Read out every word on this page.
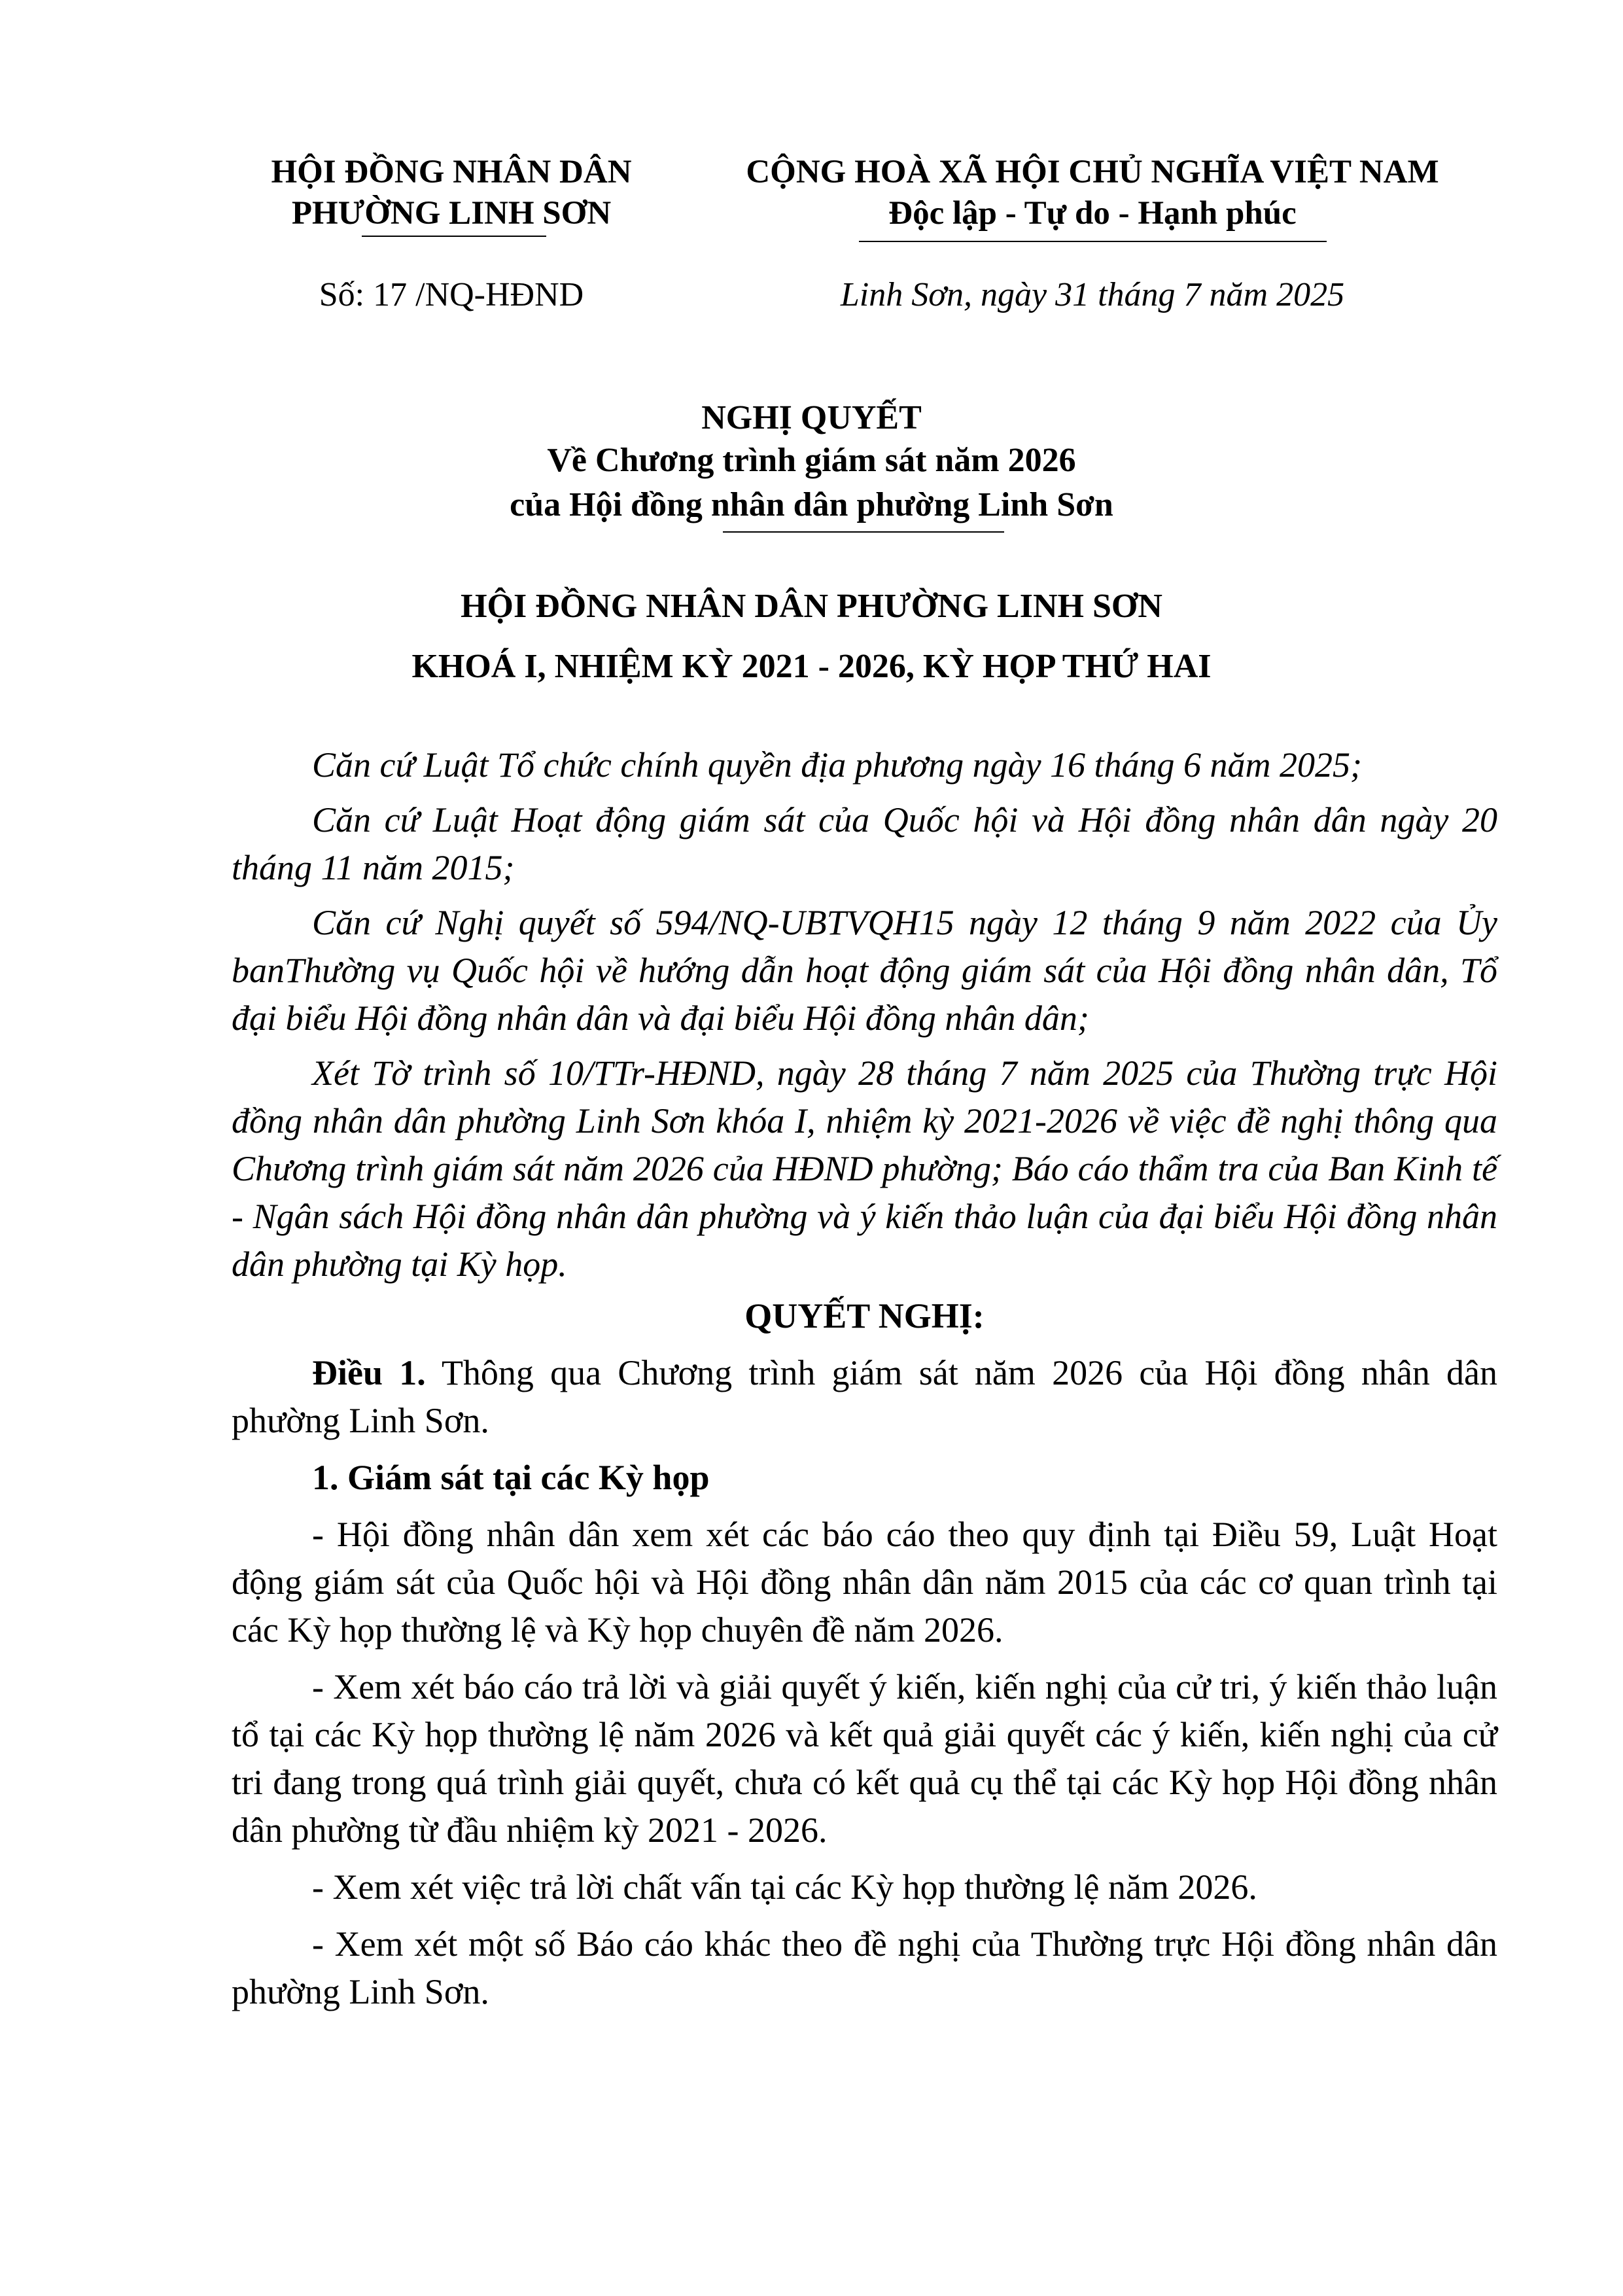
HỘI ĐỒNG NHÂN DÂN
PHƯỜNG LINH SƠN
CỘNG HOÀ XÃ HỘI CHỦ NGHĨA VIỆT NAM
Độc lập - Tự do - Hạnh phúc
Số: 17 /NQ-HĐND	Linh Sơn, ngày 31 tháng 7 năm 2025
NGHỊ QUYẾT
Về Chương trình giám sát năm 2026
của Hội đồng nhân dân phường Linh Sơn
HỘI ĐỒNG NHÂN DÂN PHƯỜNG LINH SƠN
KHOÁ I, NHIỆM KỲ 2021 - 2026, KỲ HỌP THỨ HAI

Căn cứ Luật Tổ chức chính quyền địa phương ngày 16 tháng 6 năm 2025;

Căn cứ Luật Hoạt động giám sát của Quốc hội và Hội đồng nhân dân ngày 20 tháng 11 năm 2015;

Căn cứ Nghị quyết số 594/NQ-UBTVQH15 ngày 12 tháng 9 năm 2022 của Ủy banThường vụ Quốc hội về hướng dẫn hoạt động giám sát của Hội đồng nhân dân, Tổ đại biểu Hội đồng nhân dân và đại biểu Hội đồng nhân dân;

Xét Tờ trình số 10/TTr-HĐND, ngày 28 tháng 7 năm 2025 của Thường trực Hội đồng nhân dân phường Linh Sơn khóa I, nhiệm kỳ 2021-2026 về việc đề nghị thông qua Chương trình giám sát năm 2026 của HĐND phường; Báo cáo thẩm tra của Ban Kinh tế - Ngân sách Hội đồng nhân dân phường và ý kiến thảo luận của đại biểu Hội đồng nhân dân phường tại Kỳ họp.

QUYẾT NGHỊ:

Điều 1. Thông qua Chương trình giám sát năm 2026 của Hội đồng nhân dân phường Linh Sơn.

1. Giám sát tại các Kỳ họp

- Hội đồng nhân dân xem xét các báo cáo theo quy định tại Điều 59, Luật Hoạt động giám sát của Quốc hội và Hội đồng nhân dân năm 2015 của các cơ quan trình tại các Kỳ họp thường lệ và Kỳ họp chuyên đề năm 2026.

- Xem xét báo cáo trả lời và giải quyết ý kiến, kiến nghị của cử tri, ý kiến thảo luận tổ tại các Kỳ họp thường lệ năm 2026 và kết quả giải quyết các ý kiến, kiến nghị của cử tri đang trong quá trình giải quyết, chưa có kết quả cụ thể tại các Kỳ họp Hội đồng nhân dân phường từ đầu nhiệm kỳ 2021 - 2026.

- Xem xét việc trả lời chất vấn tại các Kỳ họp thường lệ năm 2026.

- Xem xét một số Báo cáo khác theo đề nghị của Thường trực Hội đồng nhân dân phường Linh Sơn.
